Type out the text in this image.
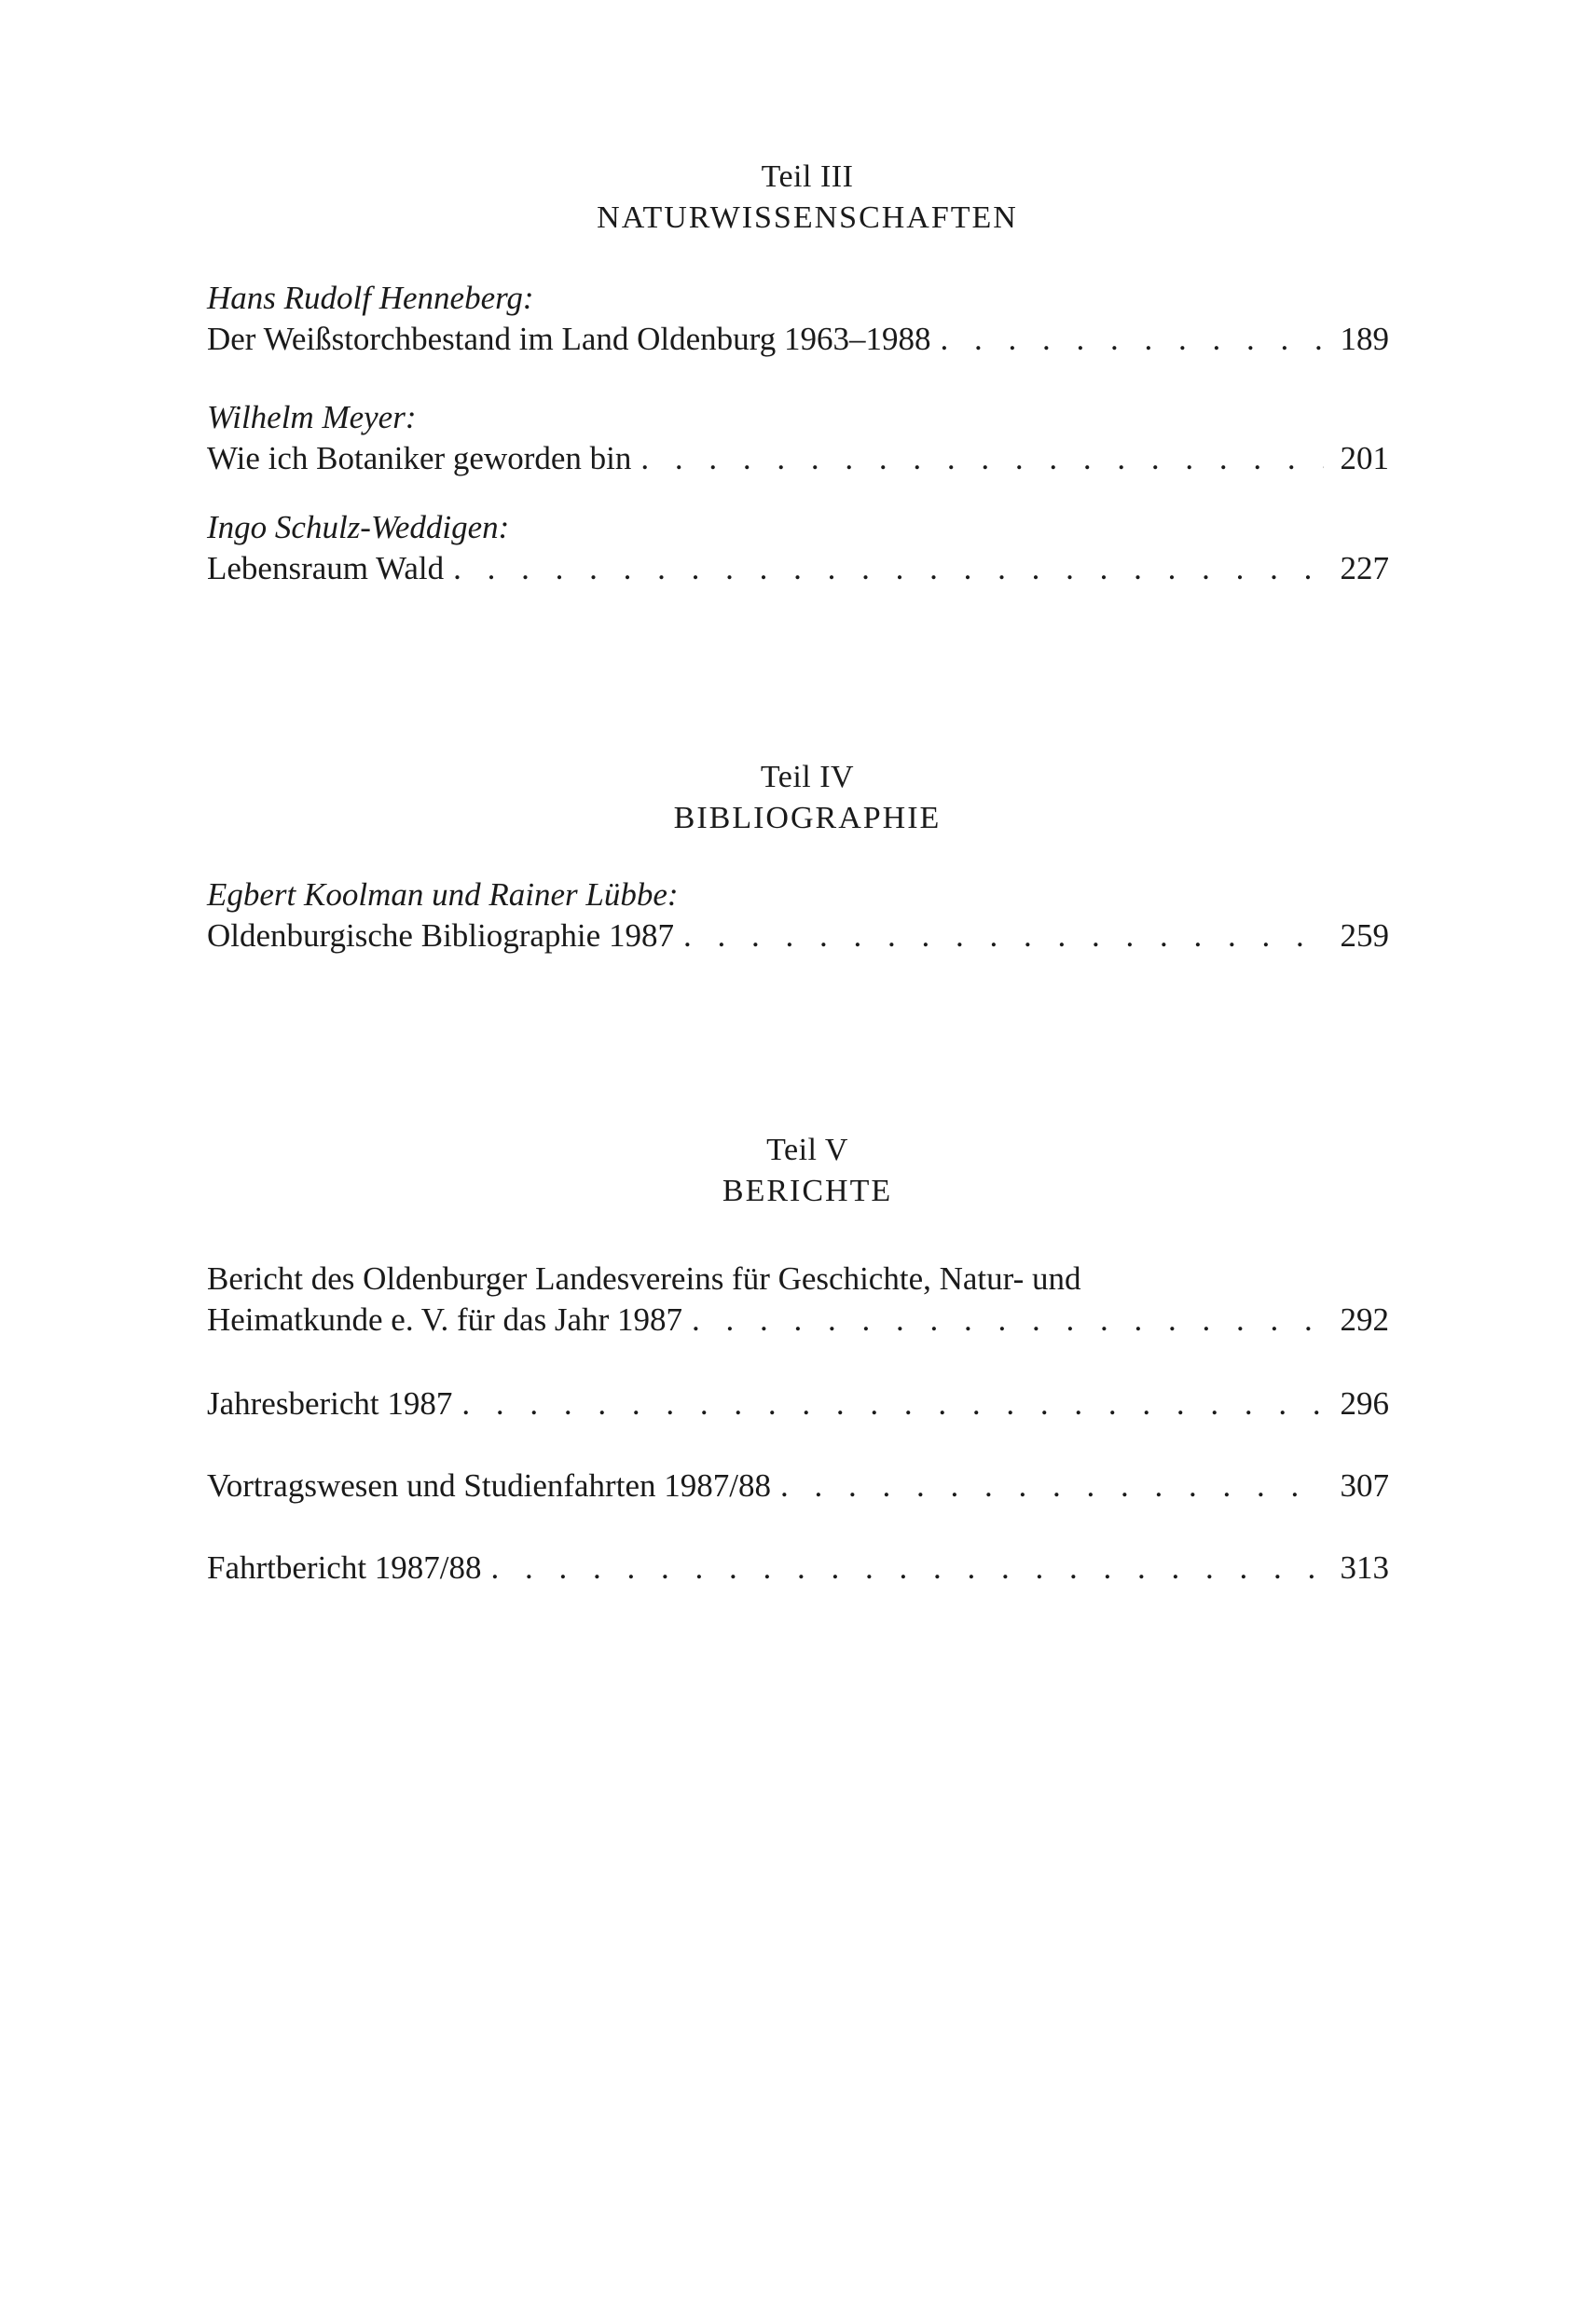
Teil III
NATURWISSENSCHAFTEN
Hans Rudolf Henneberg:
Der Weißstorchbestand im Land Oldenburg 1963–1988 . . .	189
Wilhelm Meyer:
Wie ich Botaniker geworden bin . . .	201
Ingo Schulz-Weddigen:
Lebensraum Wald . . .	227
Teil IV
BIBLIOGRAPHIE
Egbert Koolman und Rainer Lübbe:
Oldenburgische Bibliographie 1987 . . .	259
Teil V
BERICHTE
Bericht des Oldenburger Landesvereins für Geschichte, Natur- und
Heimatkunde e. V. für das Jahr 1987 . . .	292
Jahresbericht 1987 . . .	296
Vortragswesen und Studienfahrten 1987/88 . . .	307
Fahrtbericht 1987/88 . . .	313
